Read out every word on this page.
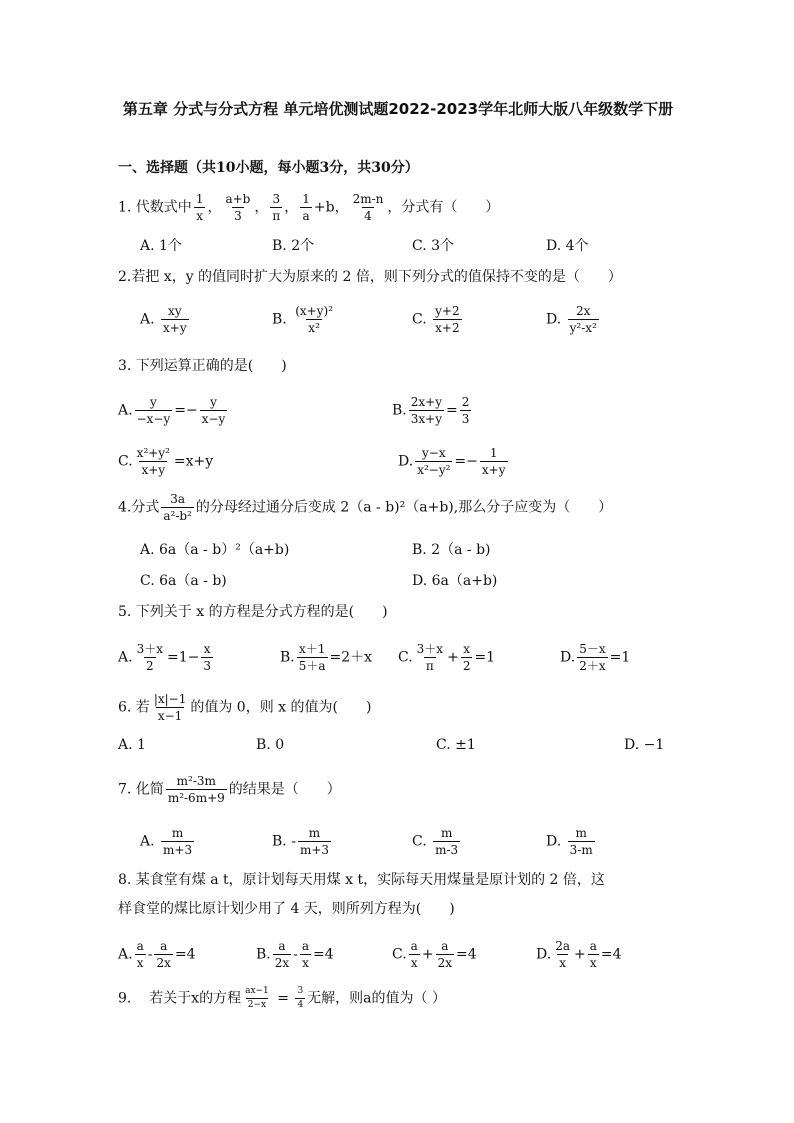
第五章 分式与分式方程 单元培优测试题2022-2023学年北师大版八年级数学下册
一、选择题（共10小题，每小题3分，共30分）
1. 代数式中 $\frac{1}{x}$ ， $\frac{a+b}{3}$ ， $\frac{3}{\pi}$ ， $\frac{1}{a} +b$， $\frac{2m-n}{4}$ ，分式有（　　）
A. 1个	B. 2个	C. 3个	D. 4个
2.若把 x，y 的值同时扩大为原来的 2 倍，则下列分式的值保持不变的是（　　）
A. $\frac{xy}{x+y}$	B. $\frac{\text{(x+y)²}}{\text{x²}}$	C. $\frac{y+2}{x+2}$	D. $\frac{2x}{\text{y²-x²}}$
3. 下列运算正确的是(　　)
A. $\frac{y}{-x-y} =- \frac{y}{x-y}$	B. $\frac{2x+y}{3x+y} = \frac{2}{3}$
C. $\frac{\text{x²+y²}}{x+y} =x+y$	D. $\frac{y-x}{\text{x²−y²}} =- \frac{1}{x+y}$
4.分式 $\frac{3a}{\text{a²-b²}}$ 的分母经过通分后变成 2（a - b)²（a+b),那么分子应变为（　　）
A. 6a（a - b）²（a+b)	B. 2（a - b)
C. 6a（a - b)	D. 6a（a+b)
5. 下列关于 x 的方程是分式方程的是(　　)
A. $\frac{3+x}{2} =1- \frac{x}{3}$	B. $\frac{x+1}{5+a} =2+x$ C. $\frac{3+x}{\pi} + \frac{x}{2} =1$	D. $\frac{5-x}{2+x} =1$
6. 若 $\frac{|x|-1}{x-1}$ 的值为 0，则 x 的值为(　　)
A. 1	B. 0	C. ±1	D. −1
7. 化简 $\frac{\text{m²-3m}}{\text{m²-6m+9}}$ 的结果是（　　）
A. $\frac{m}{m+3}$	B. - $\frac{m}{m+3}$	C. $\frac{m}{m-3}$	D. $\frac{m}{3-m}$
8. 某食堂有煤 a t，原计划每天用煤 x t，实际每天用煤量是原计划的 2 倍，这
样食堂的煤比原计划少用了 4 天，则所列方程为(　　)
A. $\frac{a}{x} - \frac{a}{2x} =4$	B. $\frac{a}{2x} - \frac{a}{x} =4$	C. $\frac{a}{x} + \frac{a}{2x} =4$	D. $\frac{2a}{x} + \frac{a}{x} =4$
9. 若关于x的方程 $\frac{ax-1}{2-x} = \frac{3}{4}$ 无解，则a的值为（ ）
